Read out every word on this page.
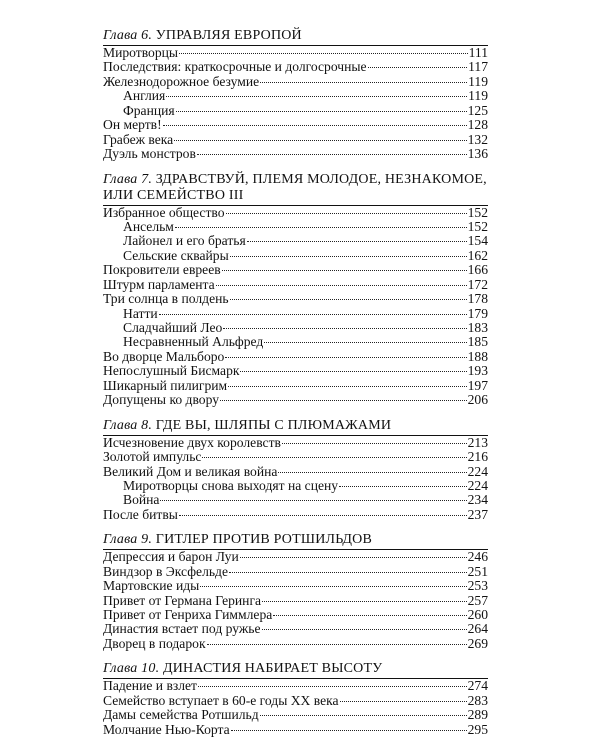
Глава 6. УПРАВЛЯЯ ЕВРОПОЙ
Миротворцы	111
Последствия: краткосрочные и долгосрочные	117
Железнодорожное безумие	119
Англия	119
Франция	125
Он мертв!	128
Грабеж века	132
Дуэль монстров	136
Глава 7. ЗДРАВСТВУЙ, ПЛЕМЯ МОЛОДОЕ, НЕЗНАКОМОЕ, ИЛИ СЕМЕЙСТВО III
Избранное общество	152
Ансельм	152
Лайонел и его братья	154
Сельские сквайры	162
Покровители евреев	166
Штурм парламента	172
Три солнца в полдень	178
Натти	179
Сладчайший Лео	183
Несравненный Альфред	185
Во дворце Мальборо	188
Непослушный Бисмарк	193
Шикарный пилигрим	197
Допущены ко двору	206
Глава 8. ГДЕ ВЫ, ШЛЯПЫ С ПЛЮМАЖАМИ
Исчезновение двух королевств	213
Золотой импульс	216
Великий Дом и великая война	224
Миротворцы снова выходят на сцену	224
Война	234
После битвы	237
Глава 9. ГИТЛЕР ПРОТИВ РОТШИЛЬДОВ
Депрессия и барон Луи	246
Виндзор в Эксфельде	251
Мартовские иды	253
Привет от Германа Геринга	257
Привет от Генриха Гиммлера	260
Династия встает под ружье	264
Дворец в подарок	269
Глава 10. ДИНАСТИЯ НАБИРАЕТ ВЫСОТУ
Падение и взлет	274
Семейство вступает в 60-е годы XX века	283
Дамы семейства Ротшильд	289
Молчание Нью-Корта	295
